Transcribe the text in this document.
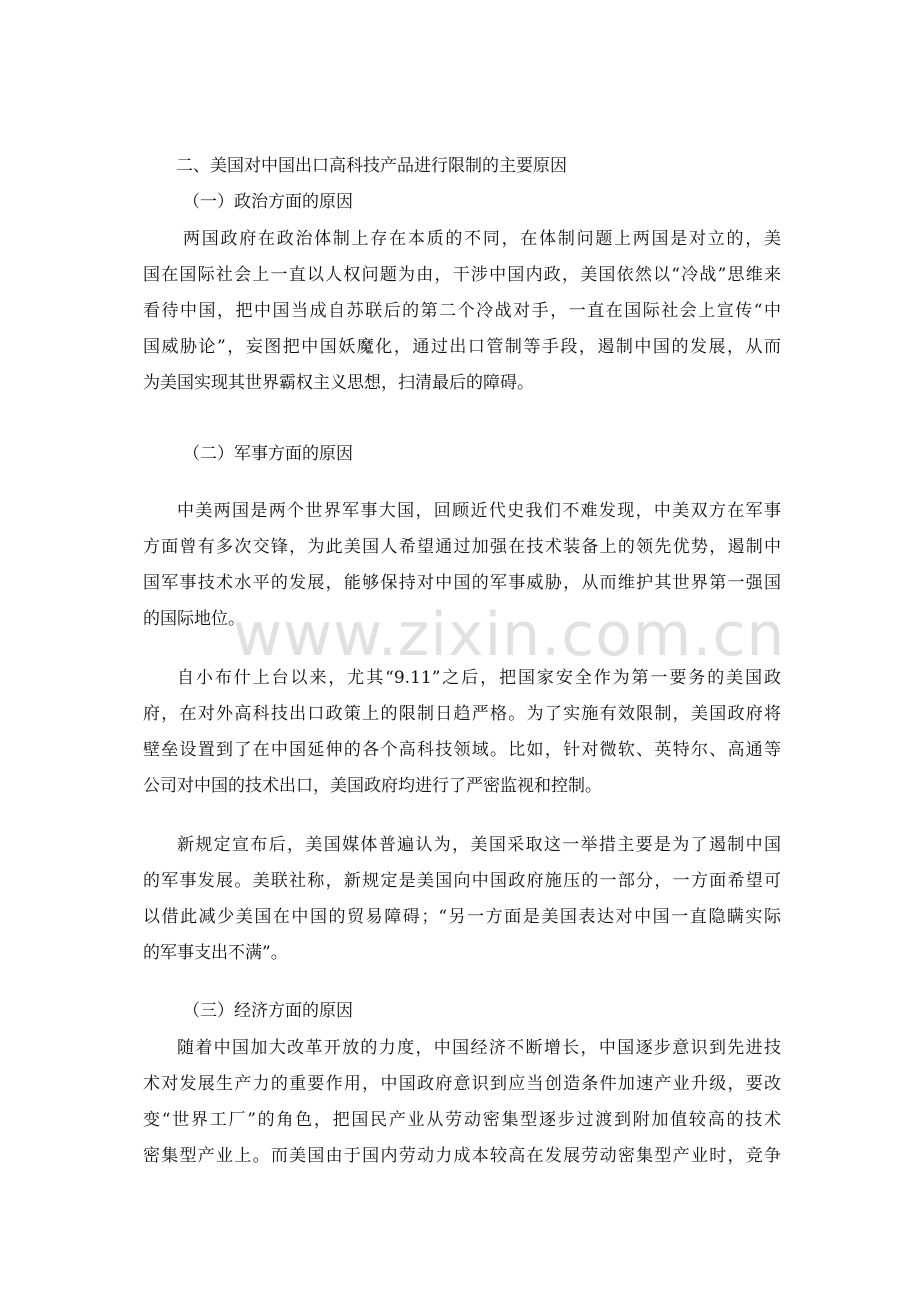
www.zixin.com.cn

二、美国对中国出口高科技产品进行限制的主要原因

（一）政治方面的原因

两国政府在政治体制上存在本质的不同，在体制问题上两国是对立的，美

国在国际社会上一直以人权问题为由，干涉中国内政，美国依然以“冷战”思维来

看待中国，把中国当成自苏联后的第二个冷战对手，一直在国际社会上宣传“中

国威胁论”，妄图把中国妖魔化，通过出口管制等手段，遏制中国的发展，从而

为美国实现其世界霸权主义思想，扫清最后的障碍。

（二）军事方面的原因

中美两国是两个世界军事大国，回顾近代史我们不难发现，中美双方在军事

方面曾有多次交锋，为此美国人希望通过加强在技术装备上的领先优势，遏制中

国军事技术水平的发展，能够保持对中国的军事威胁，从而维护其世界第一强国

的国际地位。

自小布什上台以来，尤其“9.11”之后，把国家安全作为第一要务的美国政

府，在对外高科技出口政策上的限制日趋严格。为了实施有效限制，美国政府将

壁垒设置到了在中国延伸的各个高科技领域。比如，针对微软、英特尔、高通等

公司对中国的技术出口，美国政府均进行了严密监视和控制。

新规定宣布后，美国媒体普遍认为，美国采取这一举措主要是为了遏制中国

的军事发展。美联社称，新规定是美国向中国政府施压的一部分，一方面希望可

以借此减少美国在中国的贸易障碍；“另一方面是美国表达对中国一直隐瞒实际

的军事支出不满”。

（三）经济方面的原因

随着中国加大改革开放的力度，中国经济不断增长，中国逐步意识到先进技

术对发展生产力的重要作用，中国政府意识到应当创造条件加速产业升级，要改

变“世界工厂”的角色，把国民产业从劳动密集型逐步过渡到附加值较高的技术

密集型产业上。而美国由于国内劳动力成本较高在发展劳动密集型产业时，竞争
